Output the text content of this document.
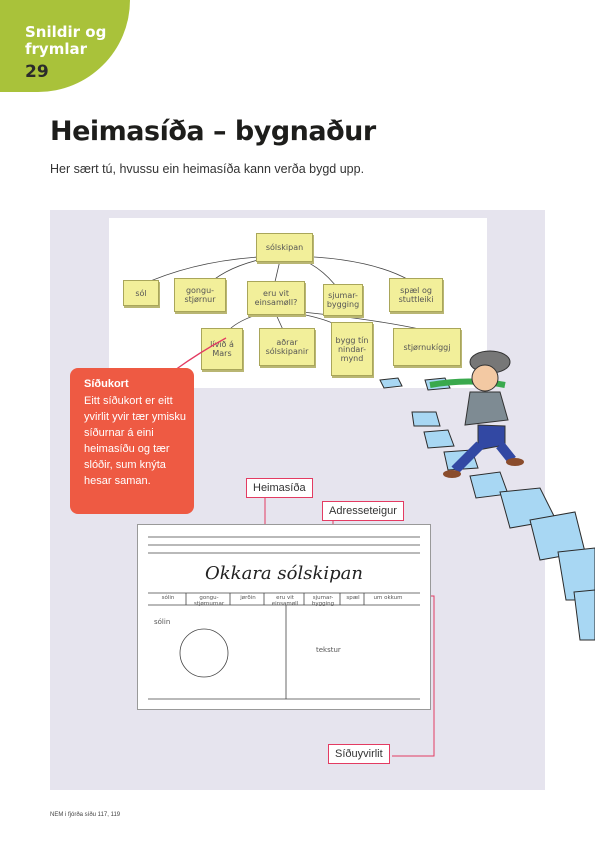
Snildir og
frymlar
29
Heimasíða – bygnaður
Her sært tú, hvussu ein heimasíða kann verða bygd upp.
sólskipan
sól	gongu-stjørnur
eru vit einsamøll?
sjumar-bygging
spæl og stuttleiki
lívið á Mars
aðrar sólskipanir
bygg tín nindar-mynd
stjørnukíggj
Síðukort
Eitt síðukort er eitt yvirlit yvir tær ymisku síðurnar á eini heimasíðu og tær slóðir, sum knýta hesar saman.
Okkara sólskipan
sólin	gongu-stjørnurnar
jørðin	eru vit einsamøll
sjumar-bygging
spæl	um okkum
sólin
tekstur
Heimasíða
Adresseteigur
Síðuyvirlit
NEM i fjórða síðu 117, 119
